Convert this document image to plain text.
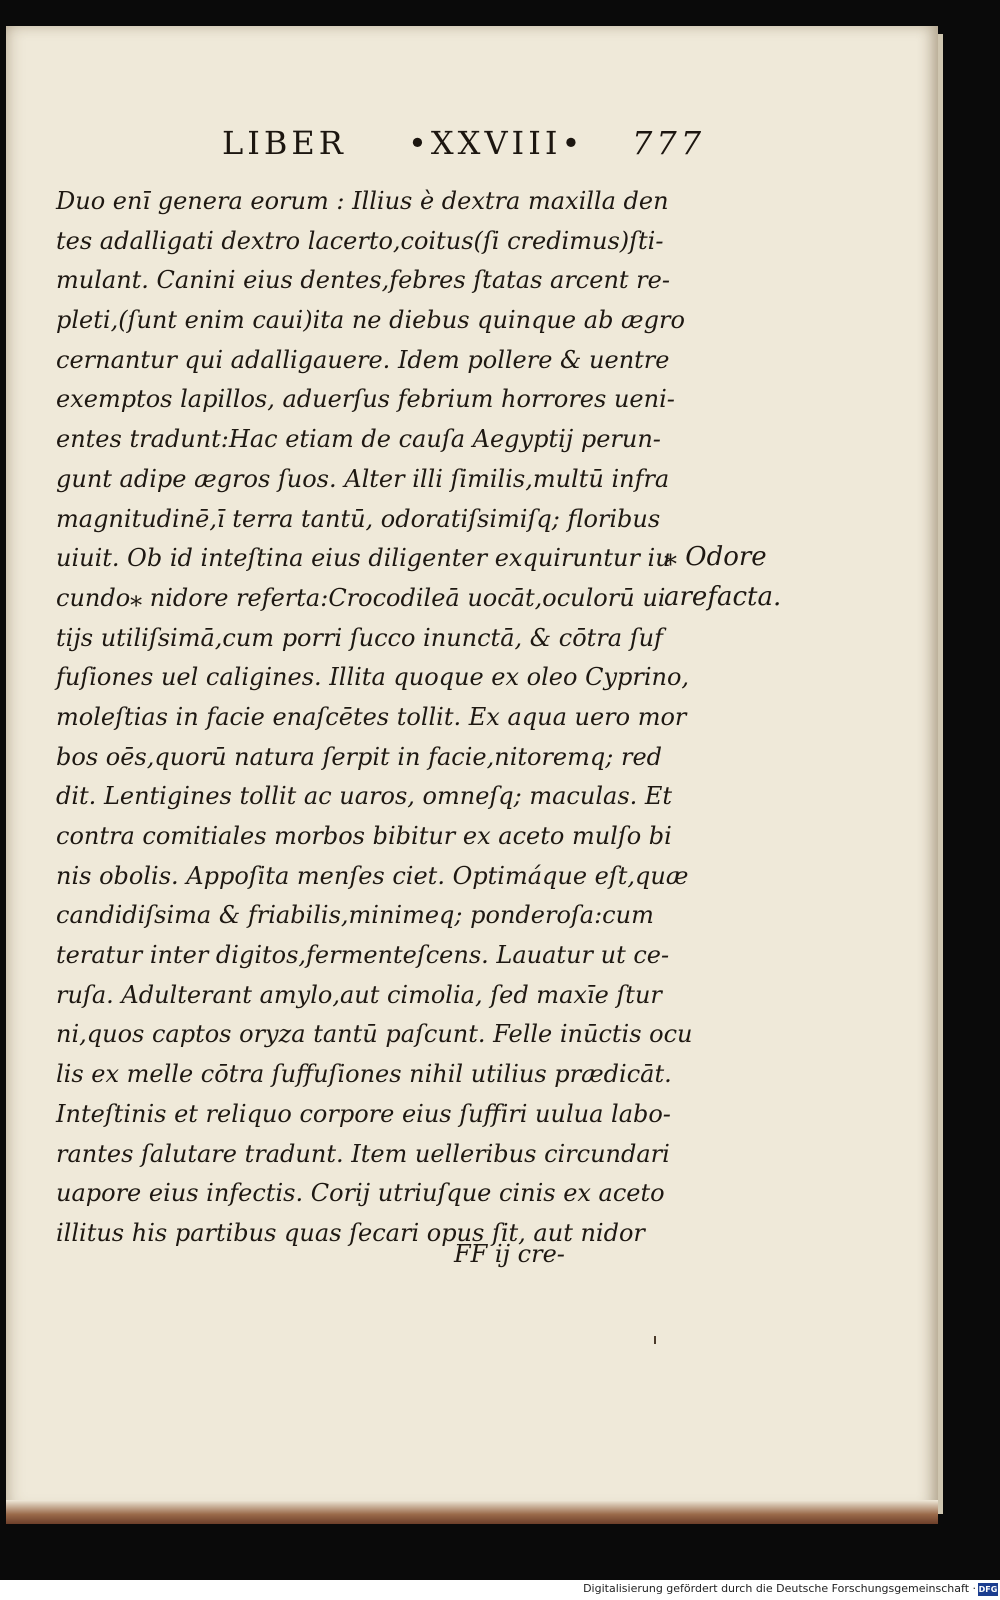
LIBER •XXVIII• 777
Duo enī genera eorum : Illius è dextra maxilla den
tes adalligati dextro lacerto,coitus(ſi credimus)ſti-
mulant. Canini eius dentes,febres ſtatas arcent re-
pleti,(ſunt enim caui)ita ne diebus quinque ab ægro
cernantur qui adalligauere. Idem pollere & uentre
exemptos lapillos, aduerſus febrium horrores ueni-
entes tradunt:Hac etiam de cauſa Aegyptij perun-
gunt adipe ægros ſuos. Alter illi ſimilis,multū infra
magnitudinē,ī terra tantū, odoratiſsimiſq; floribus
uiuit. Ob id inteſtina eius diligenter exquiruntur iu
cundo⁎ nidore referta:Crocodileā uocāt,oculorū ui
tijs utiliſsimā,cum porri ſucco inunctā, & cōtra ſuf
fuſiones uel caligines. Illita quoque ex oleo Cyprino,
moleſtias in facie enaſcētes tollit. Ex aqua uero mor
bos oēs,quorū natura ſerpit in facie,nitoremq; red
dit. Lentigines tollit ac uaros, omneſq; maculas. Et
contra comitiales morbos bibitur ex aceto mulſo bi
nis obolis. Appoſita menſes ciet. Optimáque eſt,quæ
candidiſsima & friabilis,minimeq; ponderoſa:cum
teratur inter digitos,fermenteſcens. Lauatur ut ce-
ruſa. Adulterant amylo,aut cimolia, ſed maxīe ſtur
ni,quos captos oryza tantū paſcunt. Felle inūctis ocu
lis ex melle cōtra ſuffuſiones nihil utilius prædicāt.
Inteſtinis et reliquo corpore eius ſuffiri uulua labo-
rantes ſalutare tradunt. Item uelleribus circundari
uapore eius infectis. Corij utriuſque cinis ex aceto
illitus his partibus quas ſecari opus ſit, aut nidor
⁎ Odore
arefacta.
FF ij cre-
Digitalisierung gefördert durch die Deutsche Forschungsgemeinschaft · DFG
